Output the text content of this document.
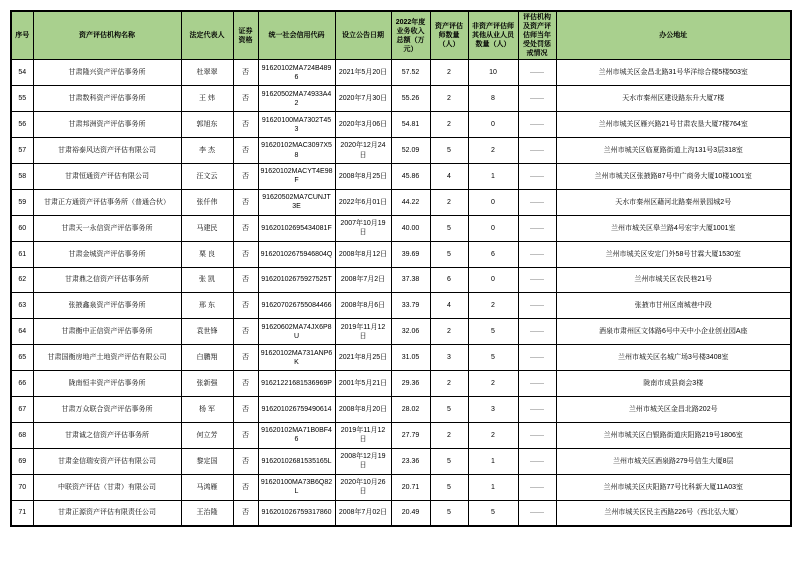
序号	资产评估机构名称	法定代表人	证券资格	统一社会信用代码	设立公告日期	2022年度业务收入总额（万元）	资产评估师数量（人）	非资产评估师其他从业人员数量（人）	评估机构及资产评估师当年受处罚惩戒情况	办公地址
54	甘肃隆兴资产评估事务所	杜翠翠	否	91620102MA724B4896	2021年5月20日	57.52	2	10	——	兰州市城关区金昌北路31号华洋综合楼5楼503室
55	甘肃数科资产评估事务所	王 炜	否	91620502MA74933A42	2020年7月30日	55.26	2	8	——	天水市秦州区建设路东升大厦7楼
56	甘肃邦洲资产评估事务所	郭旭东	否	91620100MA7302T453	2020年3月06日	54.81	2	0	——	兰州市城关区雁兴路21号甘肃农垦大厦7楼764室
57	甘肃裕泰风达资产评估有限公司	李 杰	否	91620102MAC3097X58	2020年12月24日	52.09	5	2	——	兰州市城关区临夏路街道上沟131号3层318室
58	甘肃恒通资产评估有限公司	汪文云	否	91620102MACYT4E98F	2008年8月25日	45.86	4	1	——	兰州市城关区张掖路87号中广商务大厦10楼1001室
59	甘肃正方通资产评估事务所（普通合伙）	张仟伟	否	91620502MA7CUNJT3E	2022年6月01日	44.22	2	0	——	天水市秦州区藉河北路秦州景园城2号
60	甘肃天一永信资产评估事务所	马建民	否	91620102695434081F	2007年10月19日	40.00	5	0	——	兰州市城关区皋兰路4号宏宇大厦1001室
61	甘肃金城资产评估事务所	栗 良	否	91620102675946804Q	2008年8月12日	39.69	5	6	——	兰州市城关区安定门外58号甘霖大厦1530室
62	甘肃鼎之信资产评估事务所	张 凯	否	91620102675927525T	2008年7月2日	37.38	6	0	——	兰州市城关区农民巷21号
63	张掖鑫泉资产评估事务所	邢 东	否	916207026755084466	2008年8月6日	33.79	4	2	——	张掖市甘州区南城巷中段
64	甘肃衡中正信资产评估事务所	袁世锋	否	91620602MA74JX6P8U	2019年11月12日	32.06	2	5	——	酒泉市肃州区文体路6号中天中小企业创业园A座
65	甘肃国衡房地产土地资产评估有限公司	白鹏翔	否	91620102MA731ANP6K	2021年8月25日	31.05	3	5	——	兰州市城关区名城广场3号楼3408室
66	陇南恒丰资产评估事务所	张新强	否	91621221681536969P	2001年5月21日	29.36	2	2	——	陇南市成县商会3楼
67	甘肃万众联合资产评估事务所	杨 军	否	916201026759490614	2008年8月20日	28.02	5	3	——	兰州市城关区金昌北路202号
68	甘肃诚之信资产评估事务所	何立芳	否	91620102MA71B0BF46	2019年11月12日	27.79	2	2	——	兰州市城关区白银路街道庆阳路219号1806室
69	甘肃金信瑞安资产评估有限公司	黎定国	否	91620102681535165L	2008年12月19日	23.36	5	1	——	兰州市城关区酒泉路279号信生大厦8层
70	中联资产评估（甘肃）有限公司	马鸿雁	否	91620100MA73B6Q82L	2020年10月26日	20.71	5	1	——	兰州市城关区庆阳路77号比科新大厦11A03室
71	甘肃正源资产评估有限责任公司	王治隆	否	916201026759317860	2008年7月02日	20.49	5	5	——	兰州市城关区民主西路226号（西北弘大厦）
